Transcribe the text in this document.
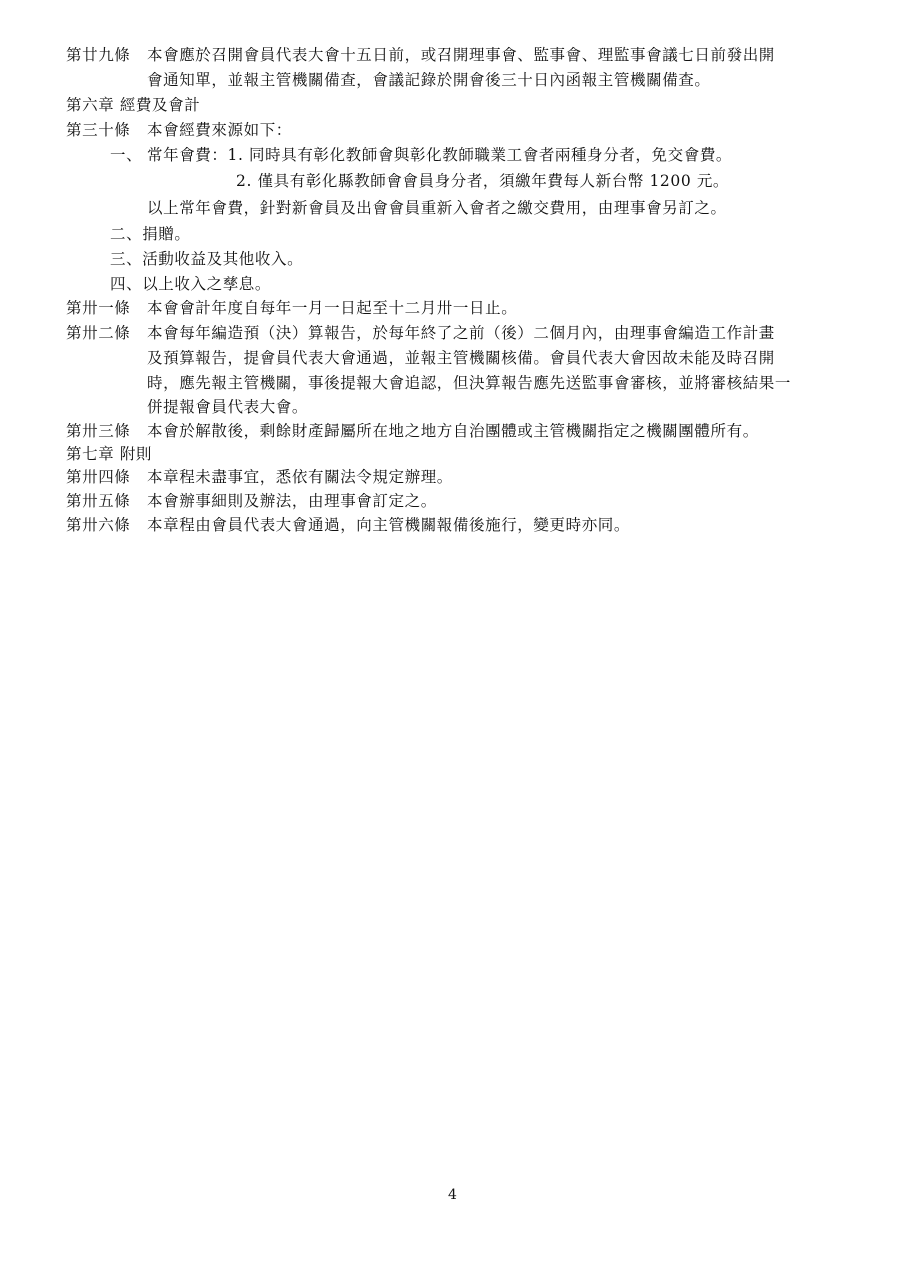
第廿九條 本會應於召開會員代表大會十五日前，或召開理事會、監事會、理監事會議七日前發出開
會通知單，並報主管機關備查，會議記錄於開會後三十日內函報主管機關備查。
第六章 經費及會計
第三十條 本會經費來源如下：
一、 常年會費：1. 同時具有彰化教師會與彰化教師職業工會者兩種身分者，免交會費。
2. 僅具有彰化縣教師會會員身分者，須繳年費每人新台幣 1200 元。
以上常年會費，針對新會員及出會會員重新入會者之繳交費用，由理事會另訂之。
二、捐贈。
三、活動收益及其他收入。
四、以上收入之孳息。
第卅一條 本會會計年度自每年一月一日起至十二月卅一日止。
第卅二條 本會每年編造預（決）算報告，於每年終了之前（後）二個月內，由理事會編造工作計畫
及預算報告，提會員代表大會通過，並報主管機關核備。會員代表大會因故未能及時召開
時，應先報主管機關，事後提報大會追認，但決算報告應先送監事會審核，並將審核結果一
併提報會員代表大會。
第卅三條 本會於解散後，剩餘財產歸屬所在地之地方自治團體或主管機關指定之機關團體所有。
第七章 附則
第卅四條 本章程未盡事宜，悉依有關法令規定辦理。
第卅五條 本會辦事細則及辦法，由理事會訂定之。
第卅六條 本章程由會員代表大會通過，向主管機關報備後施行，變更時亦同。
4
